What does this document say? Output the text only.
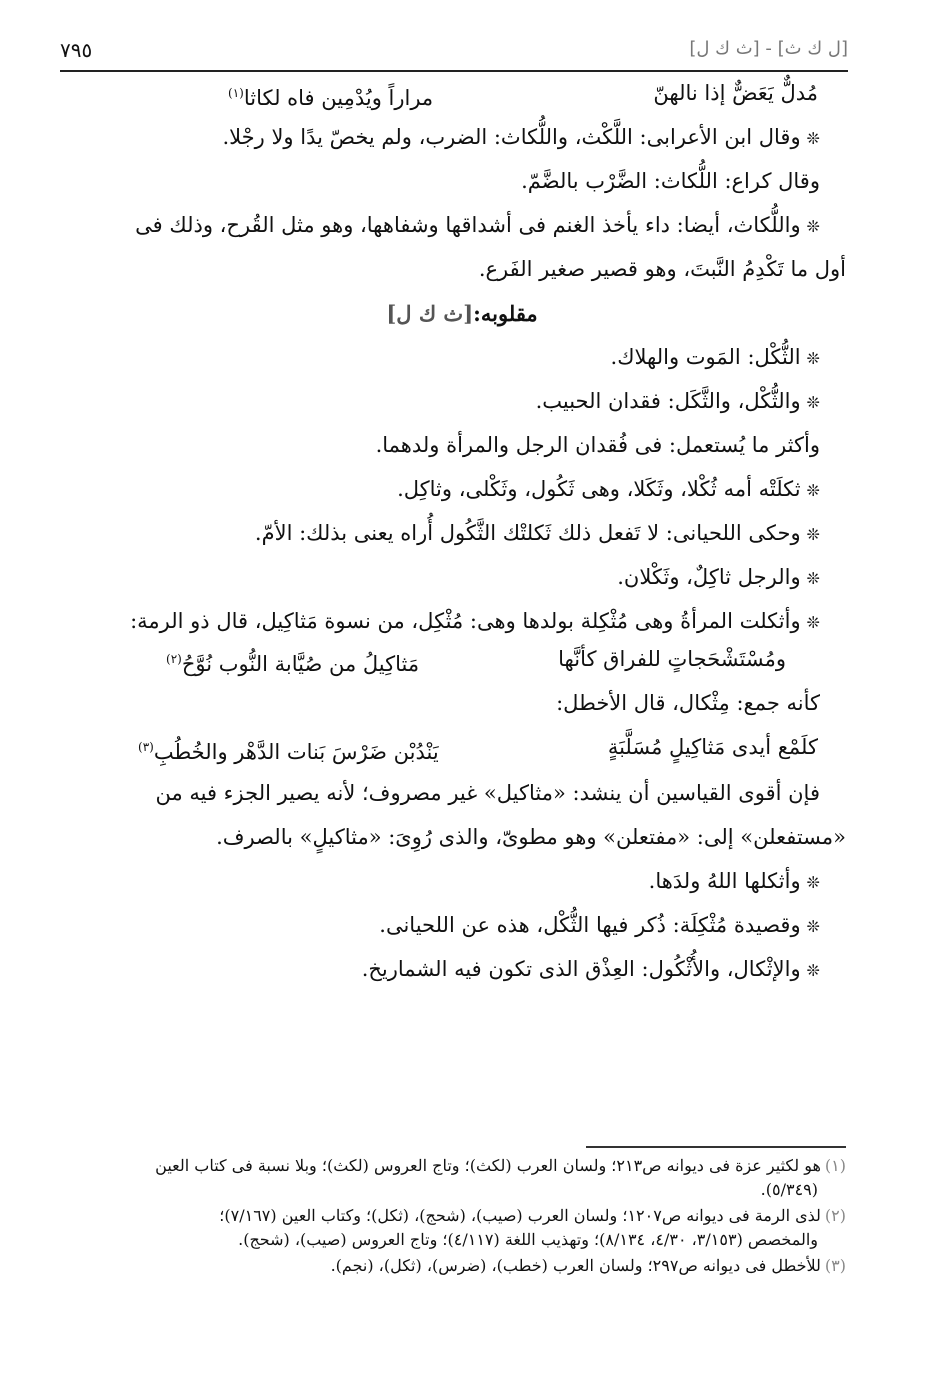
[ل ك ث] - [ث ك ل]
٧٩٥
مُدلٌّ يَعَضٌّ إذا نالهنّ
مراراً ويُدْمِين فاه لكاثا$^{(١)}$
❊وقال ابن الأعرابى: اللَّكْث، واللُّكاث: الضرب، ولم يخصّ يدًا ولا رجْلا.
وقال كراع: اللُّكاث: الضَّرْب بالضَّمّ.
❊واللُّكاث، أيضا: داء يأخذ الغنم فى أشداقها وشفاهها، وهو مثل القُرح، وذلك فى
أول ما تَكْدِمُ النَّبتَ، وهو قصير صغير الفَرع.
مقلوبه:[ث ك ل]
❊الثُّكْل: المَوت والهلاك.
❊والثُّكْل، والثَّكَل: فقدان الحبيب.
وأكثر ما يُستعمل: فى فُقدان الرجل والمرأة ولدهما.
❊ثكلَتْه أمه ثُكْلا، وثَكَلا، وهى ثَكُول، وثَكْلى، وثاكِل.
❊وحكى اللحيانى: لا تَفعل ذلك ثَكلتْك الثَّكُول أُراه يعنى بذلك: الأمّ.
❊والرجل ثاكِلٌ، وثَكْلان.
❊وأثكلت المرأةُ وهى مُثْكِلة بولدها وهى: مُثْكِل، من نسوة مَثاكِيل، قال ذو الرمة:
ومُسْتَشْحَجاتٍ للفراق كأنَّها
مَثاكِيلُ من صُيَّابة النُّوب نُوَّحُ$^{(٢)}$
كأنه جمع: مِثْكال، قال الأخطل:
كلَمْع أيدى مَثاكِيلٍ مُسَلَّبَةٍ
يَنْدُبْن ضَرْسَ بَنات الدَّهْر والخُطُبِ$^{(٣)}$
فإن أقوى القياسين أن ينشد: «مثاكيل» غير مصروف؛ لأنه يصير الجزء فيه من
«مستفعلن» إلى: «مفتعلن» وهو مطوىّ، والذى رُوِىَ: «مثاكيلٍ» بالصرف.
❊وأثكلها اللهُ ولدَها.
❊وقصيدة مُثْكِلَة: ذُكر فيها الثُّكْل، هذه عن اللحيانى.
❊والإثْكال، والأُثْكُول: العِذْق الذى تكون فيه الشماريخ.
(١)هو لكثير عزة فى ديوانه ص٢١٣؛ ولسان العرب (لكث)؛ وتاج العروس (لكث)؛ وبلا نسبة فى كتاب العين
(٥/٣٤٩).
(٢)لذى الرمة فى ديوانه ص١٢٠٧؛ ولسان العرب (صيب)، (شحج)، (ثكل)؛ وكتاب العين (٧/١٦٧)؛
والمخصص (٣/١٥٣، ٤/٣٠، ٨/١٣٤)؛ وتهذيب اللغة (٤/١١٧)؛ وتاج العروس (صيب)، (شحج).
(٣)للأخطل فى ديوانه ص٢٩٧؛ ولسان العرب (خطب)، (ضرس)، (ثكل)، (نجم).
